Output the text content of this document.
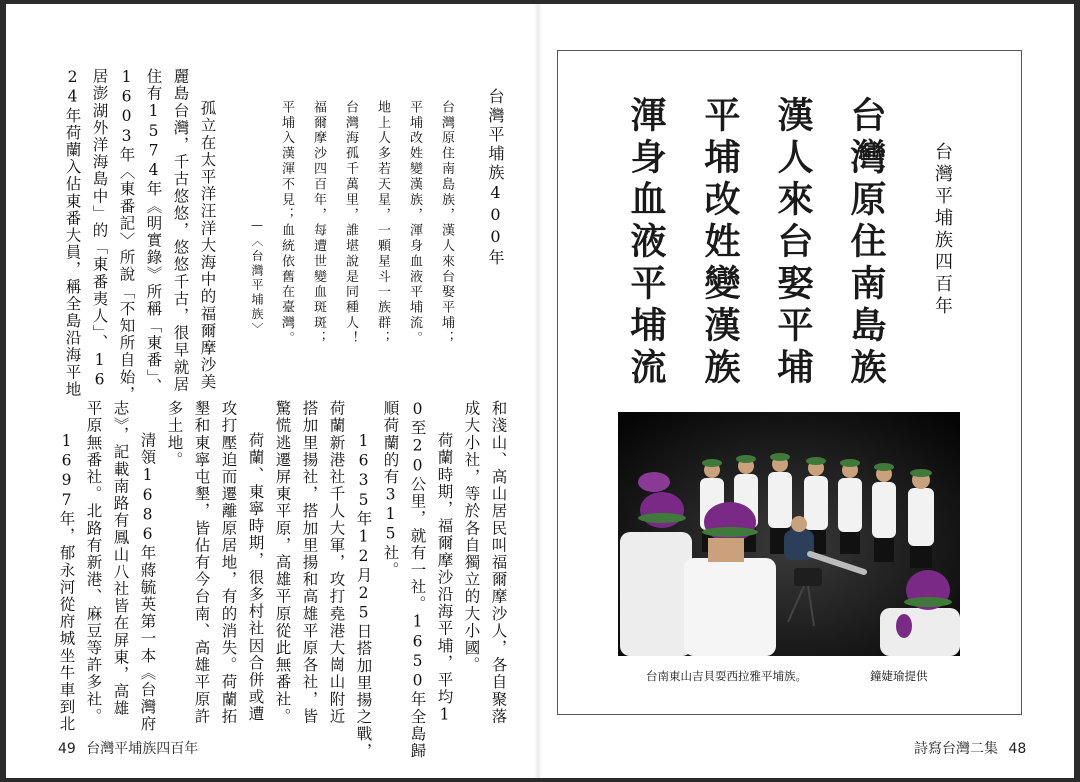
台灣平埔族400年
台灣原住南島族，漢人來台娶平埔；
平埔改姓變漢族，渾身血液平埔流。
地上人多若天星，一顆星斗一族群；
台灣海孤千萬里，誰堪說是同種人！
福爾摩沙四百年，每遭世變血斑斑；
平埔入漢渾不見；血統依舊在臺灣。
—〈台灣平埔族〉
孤立在太平洋汪洋大海中的福爾摩沙美
麗島台灣，千古悠悠，悠悠千古，很早就居
住有1574年《明實錄》所稱「東番」、
1603年〈東番記〉所說「不知所自始，
居澎湖外洋海島中」的「東番夷人」、16
24年荷蘭入佔東番大員，稱全島沿海平地
和淺山、高山居民叫福爾摩沙人，各自聚落
成大小社，等於各自獨立的大小國。
荷蘭時期，福爾摩沙沿海平埔，平均1
0至20公里，就有一社。1650年全島歸
順荷蘭的有315社。
1635年12月25日搭加里揚之戰，
荷蘭新港社千人大軍，攻打堯港大崗山附近
搭加里揚社，搭加里揚和高雄平原各社，皆
驚慌逃遷屏東平原，高雄平原從此無番社。
荷蘭、東寧時期，很多村社因合併或遭
攻打壓迫而遷離原居地，有的消失。荷蘭拓
墾和東寧屯墾，皆佔有今台南、高雄平原許
多土地。
清領1686年蔣毓英第一本《台灣府
志》，記載南路有鳳山八社皆在屏東，高雄
平原無番社。北路有新港、麻豆等許多社。
1697年，郁永河從府城坐牛車到北
49 台灣平埔族四百年
台灣平埔族四百年
台灣原住南島族
漢人來台娶平埔
平埔改姓變漢族
渾身血液平埔流
台南東山吉貝耍西拉雅平埔族。	鐘婕瑜提供
詩寫台灣二集 48
